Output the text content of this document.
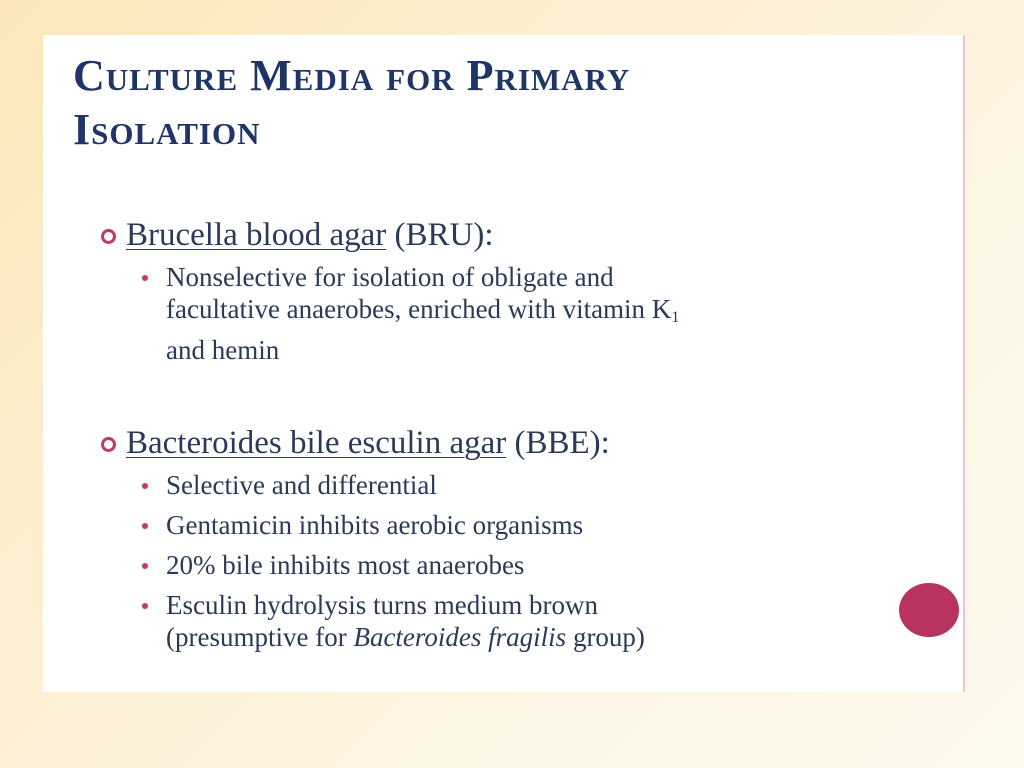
Culture Media for Primary
Isolation
Brucella blood agar (BRU):
Nonselective for isolation of obligate and
facultative anaerobes, enriched with vitamin $K_1$
and hemin
Bacteroides bile esculin agar (BBE):
Selective and differential
Gentamicin inhibits aerobic organisms
20% bile inhibits most anaerobes
Esculin hydrolysis turns medium brown
(presumptive for Bacteroides fragilis group)
